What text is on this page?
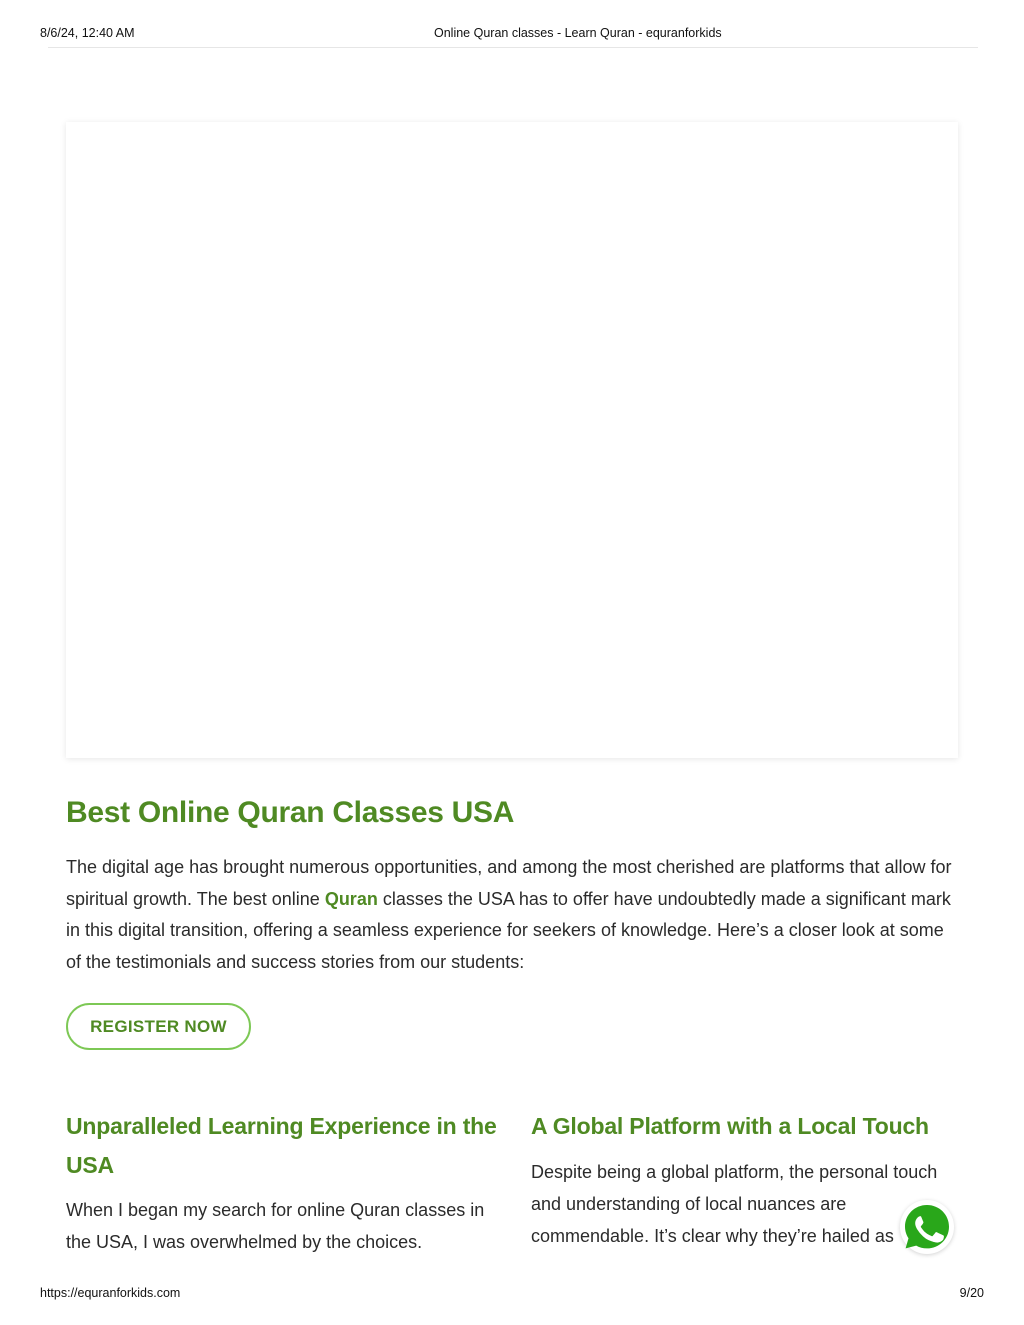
8/6/24, 12:40 AM	Online Quran classes - Learn Quran - equranforkids
Best Online Quran Classes USA

The digital age has brought numerous opportunities, and among the most cherished are platforms that allow for spiritual growth. The best online Quran classes the USA has to offer have undoubtedly made a significant mark in this digital transition, offering a seamless experience for seekers of knowledge. Here’s a closer look at some of the testimonials and success stories from our students:

REGISTER NOW
Unparalleled Learning Experience in the USA

When I began my search for online Quran classes in the USA, I was overwhelmed by the choices.

A Global Platform with a Local Touch

Despite being a global platform, the personal touch and understanding of local nuances are commendable. It’s clear why they’re hailed as

https://equranforkids.com	9/20
